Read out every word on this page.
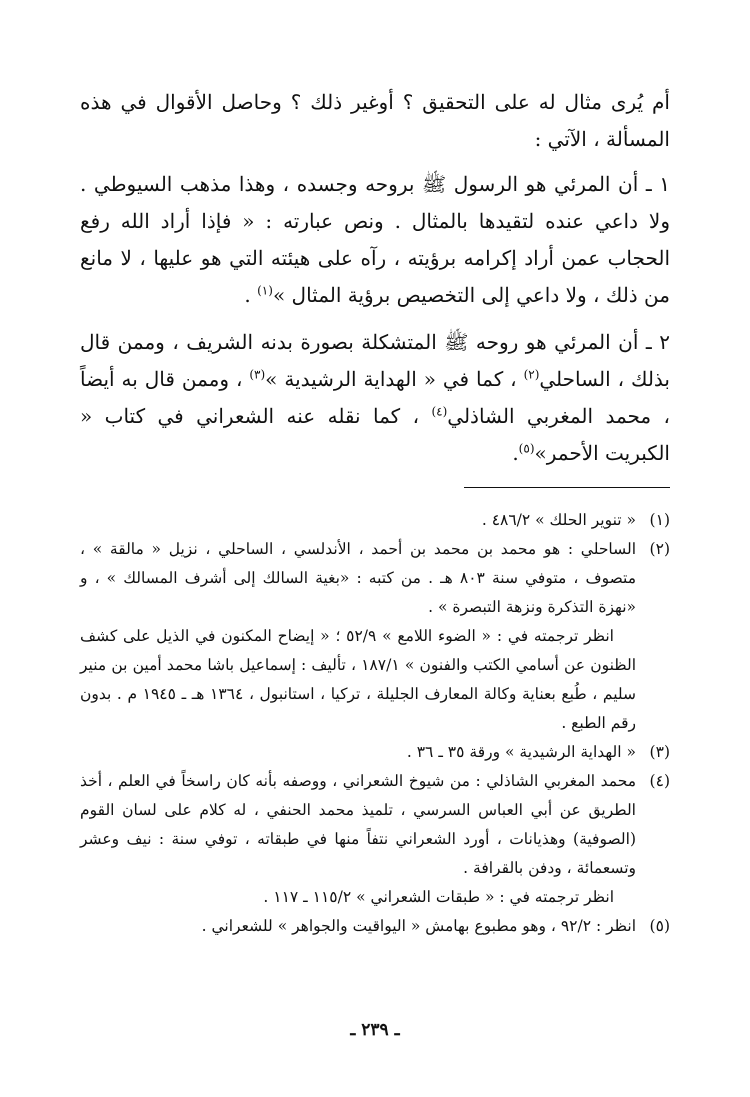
أم يُرى مثال له على التحقيق ؟ أوغير ذلك ؟ وحاصل الأقوال في هذه المسألة ، الآتي :

١ ـ أن المرئي هو الرسول ﷺ بروحه وجسده ، وهذا مذهب السيوطي . ولا داعي عنده لتقيدها بالمثال . ونص عبارته : « فإذا أراد الله رفع الحجاب عمن أراد إكرامه برؤيته ، رآه على هيئته التي هو عليها ، لا مانع من ذلك ، ولا داعي إلى التخصيص برؤية المثال »$^{(١)}$ .

٢ ـ أن المرئي هو روحه ﷺ المتشكلة بصورة بدنه الشريف ، وممن قال بذلك ، الساحلي$^{(٢)}$ ، كما في « الهداية الرشيدية »$^{(٣)}$ ، وممن قال به أيضاً ، محمد المغربي الشاذلي$^{(٤)}$ ، كما نقله عنه الشعراني في كتاب « الكبريت الأحمر»$^{(٥)}$.

(١)
« تنوير الحلك » ٤٨٦/٢ .
(٢)
الساحلي : هو محمد بن محمد بن أحمد ، الأندلسي ، الساحلي ، نزيل « مالقة » ، متصوف ، متوفي سنة ٨٠٣ هـ . من كتبه : «بغية السالك إلى أشرف المسالك » ، و «نهزة التذكرة ونزهة التبصرة » .
انظر ترجمته في : « الضوء اللامع » ٥٢/٩ ؛ « إيضاح المكنون في الذيل على كشف الظنون عن أسامي الكتب والفنون » ١٨٧/١ ، تأليف : إسماعيل باشا محمد أمين بن منير سليم ، طُبع بعناية وكالة المعارف الجليلة ، تركيا ، استانبول ، ١٣٦٤ هـ ـ ١٩٤٥ م . بدون رقم الطبع .
(٣)
« الهداية الرشيدية » ورقة ٣٥ ـ ٣٦ .
(٤)
محمد المغربي الشاذلي : من شيوخ الشعراني ، ووصفه بأنه كان راسخاً في العلم ، أخذ الطريق عن أبي العباس السرسي ، تلميذ محمد الحنفي ، له كلام على لسان القوم (الصوفية) وهذيانات ، أورد الشعراني نتفاً منها في طبقاته ، توفي سنة : نيف وعشر وتسعمائة ، ودفن بالقرافة .
انظر ترجمته في : « طبقات الشعراني » ١١٥/٢ ـ ١١٧ .
(٥)
انظر : ٩٢/٢ ، وهو مطبوع بهامش « اليواقيت والجواهر » للشعراني .
ـ ٢٣٩ ـ
